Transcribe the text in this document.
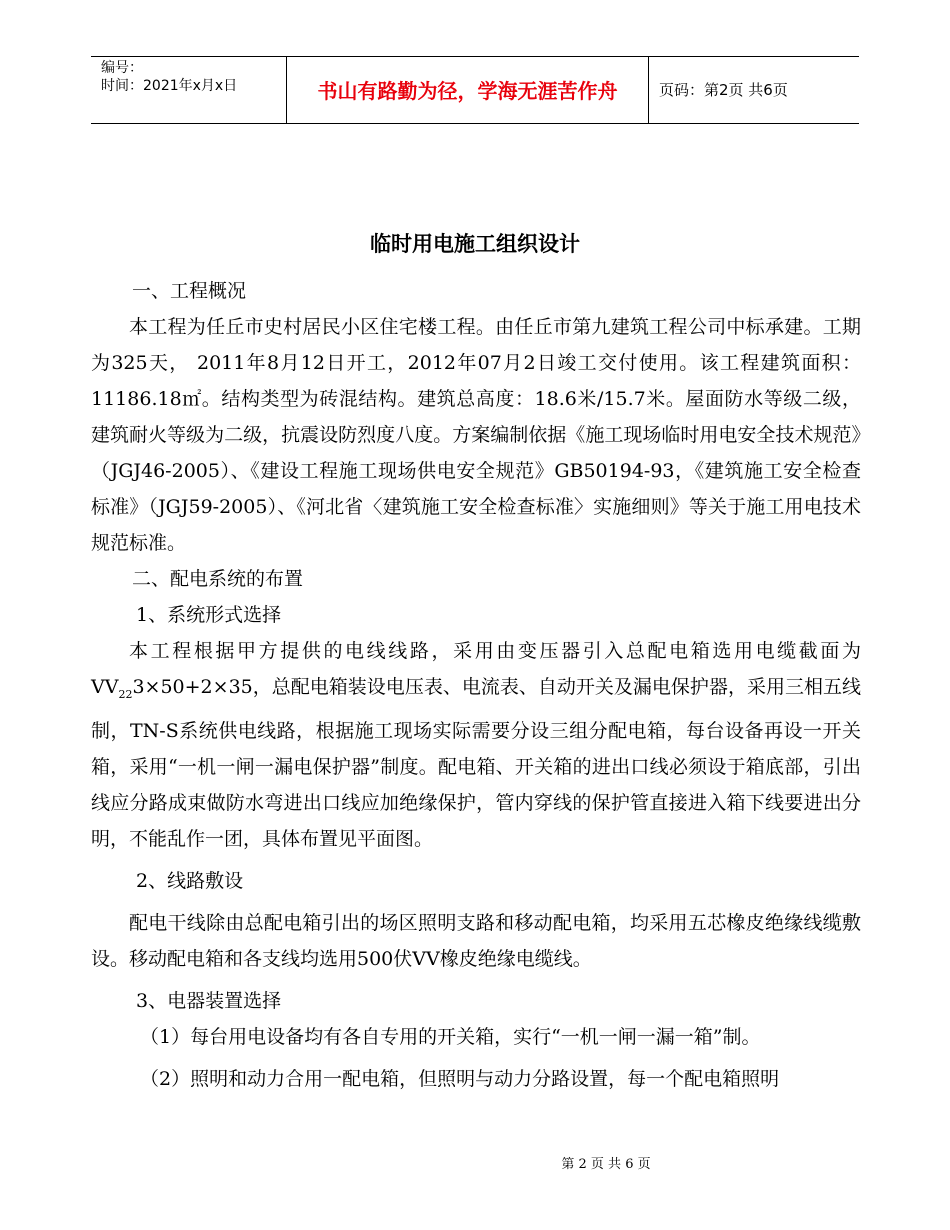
编号：
时间：2021年x月x日	书山有路勤为径，学海无涯苦作舟	页码：第2页 共6页
临时用电施工组织设计

一、工程概况

本工程为任丘市史村居民小区住宅楼工程。由任丘市第九建筑工程公司中标承建。工期为325天， 2011年8月12日开工，2012年07月2日竣工交付使用。该工程建筑面积：11186.18㎡。结构类型为砖混结构。建筑总高度：18.6米/15.7米。屋面防水等级二级，建筑耐火等级为二级，抗震设防烈度八度。方案编制依据《施工现场临时用电安全技术规范》（JGJ46-2005）、《建设工程施工现场供电安全规范》GB50194-93，《建筑施工安全检查标准》（JGJ59-2005）、《河北省〈建筑施工安全检查标准〉实施细则》等关于施工用电技术规范标准。

二、配电系统的布置

1、系统形式选择

本工程根据甲方提供的电线线路，采用由变压器引入总配电箱选用电缆截面为$VV_{22}3\times 50+2\times 35$，总配电箱装设电压表、电流表、自动开关及漏电保护器，采用三相五线制，TN-S系统供电线路，根据施工现场实际需要分设三组分配电箱，每台设备再设一开关箱，采用“一机一闸一漏电保护器”制度。配电箱、开关箱的进出口线必须设于箱底部，引出线应分路成束做防水弯进出口线应加绝缘保护，管内穿线的保护管直接进入箱下线要进出分明，不能乱作一团，具体布置见平面图。

2、线路敷设

配电干线除由总配电箱引出的场区照明支路和移动配电箱，均采用五芯橡皮绝缘线缆敷设。移动配电箱和各支线均选用500伏VV橡皮绝缘电缆线。

3、电器装置选择

（1）每台用电设备均有各自专用的开关箱，实行“一机一闸一漏一箱”制。

（2）照明和动力合用一配电箱，但照明与动力分路设置，每一个配电箱照明

第 2 页 共 6 页
